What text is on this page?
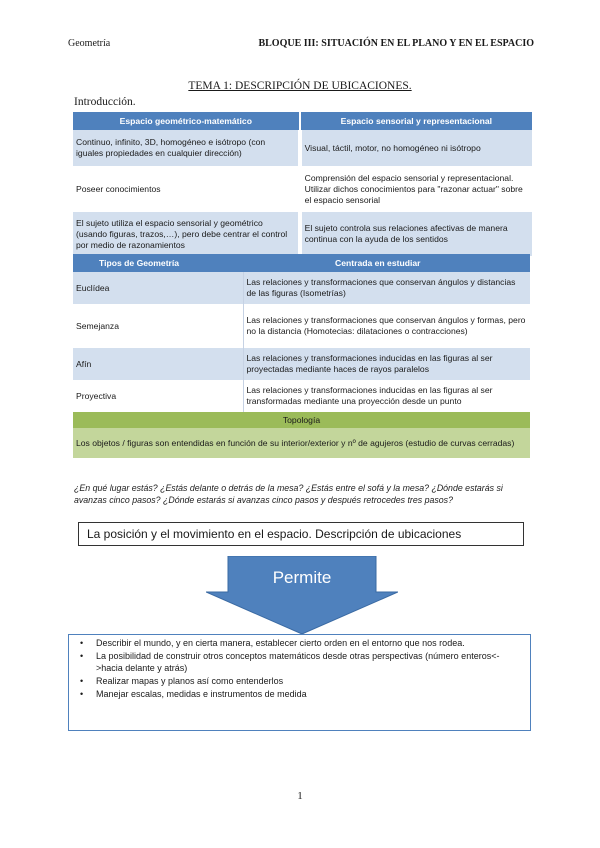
Geometría	BLOQUE III: SITUACIÓN EN EL PLANO Y EN EL ESPACIO
TEMA 1: DESCRIPCIÓN DE UBICACIONES.
Introducción.
Espacio geométrico-matemático	Espacio sensorial y representacional
Continuo, infinito, 3D, homogéneo e isótropo (con iguales propiedades en cualquier dirección)	Visual, táctil, motor, no homogéneo ni isótropo
Poseer conocimientos	Comprensión del espacio sensorial y representacional. Utilizar dichos conocimientos para "razonar actuar" sobre el espacio sensorial
El sujeto utiliza el espacio sensorial y geométrico (usando figuras, trazos,…), pero debe centrar el control por medio de razonamientos	El sujeto controla sus relaciones afectivas de manera continua con la ayuda de los sentidos
Tipos de Geometría	Centrada en estudiar
Euclídea	Las relaciones y transformaciones que conservan ángulos y distancias de las figuras (Isometrías)
Semejanza	Las relaciones y transformaciones que conservan ángulos y formas, pero no la distancia (Homotecias: dilataciones o contracciones)
Afín	Las relaciones y transformaciones inducidas en las figuras al ser proyectadas mediante haces de rayos paralelos
Proyectiva	Las relaciones y transformaciones inducidas en las figuras al ser transformadas mediante una proyección desde un punto
Topología	
Los objetos / figuras son entendidas en función de su interior/exterior y nº de agujeros (estudio de curvas cerradas)	
¿En qué lugar estás? ¿Estás delante o detrás de la mesa? ¿Estás entre el sofá y la mesa? ¿Dónde estarás si avanzas cinco pasos? ¿Dónde estarás si avanzas cinco pasos y después retrocedes tres pasos?
La posición y el movimiento en el espacio. Descripción de ubicaciones
Permite
• Describir el mundo, y en cierta manera, establecer cierto orden en el entorno que nos rodea.
• La posibilidad de construir otros conceptos matemáticos desde otras perspectivas (número enteros<->hacia delante y atrás)
• Realizar mapas y planos así como entenderlos
• Manejar escalas, medidas e instrumentos de medida
1
